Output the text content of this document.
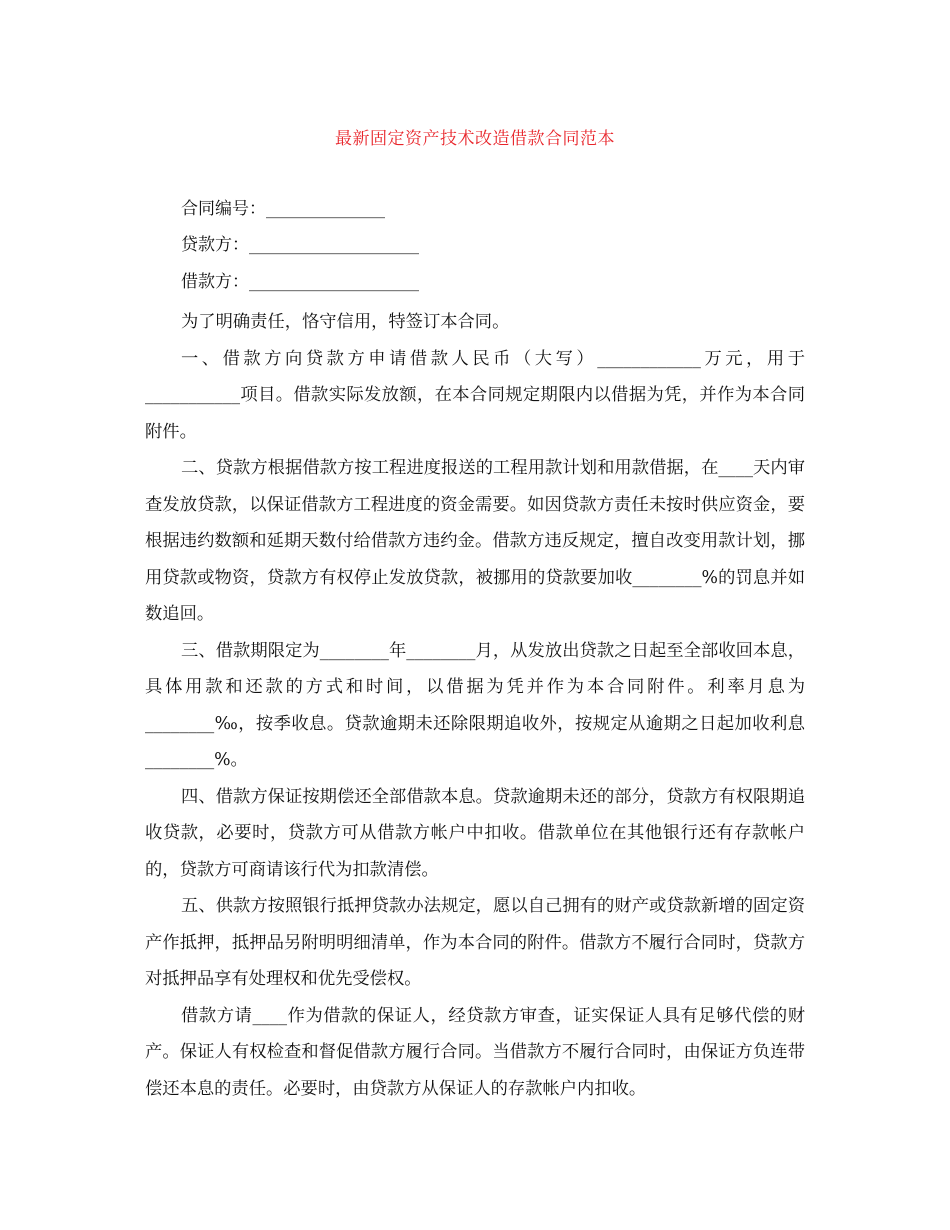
最新固定资产技术改造借款合同范本
合同编号：______________
贷款方：____________________
借款方：____________________

为了明确责任，恪守信用，特签订本合同。

一、借款方向贷款方申请借款人民币（大写）____________万元，用于___________项目。借款实际发放额，在本合同规定期限内以借据为凭，并作为本合同附件。

二、贷款方根据借款方按工程进度报送的工程用款计划和用款借据，在____天内审查发放贷款，以保证借款方工程进度的资金需要。如因贷款方责任未按时供应资金，要根据违约数额和延期天数付给借款方违约金。借款方违反规定，擅自改变用款计划，挪用贷款或物资，贷款方有权停止发放贷款，被挪用的贷款要加收________%的罚息并如数追回。

三、借款期限定为________年________月，从发放出贷款之日起至全部收回本息，具体用款和还款的方式和时间，以借据为凭并作为本合同附件。利率月息为________‰，按季收息。贷款逾期未还除限期追收外，按规定从逾期之日起加收利息________%。

四、借款方保证按期偿还全部借款本息。贷款逾期未还的部分，贷款方有权限期追收贷款，必要时，贷款方可从借款方帐户中扣收。借款单位在其他银行还有存款帐户的，贷款方可商请该行代为扣款清偿。

五、供款方按照银行抵押贷款办法规定，愿以自己拥有的财产或贷款新增的固定资产作抵押，抵押品另附明明细清单，作为本合同的附件。借款方不履行合同时，贷款方对抵押品享有处理权和优先受偿权。

借款方请____作为借款的保证人，经贷款方审查，证实保证人具有足够代偿的财产。保证人有权检查和督促借款方履行合同。当借款方不履行合同时，由保证方负连带偿还本息的责任。必要时，由贷款方从保证人的存款帐户内扣收。
